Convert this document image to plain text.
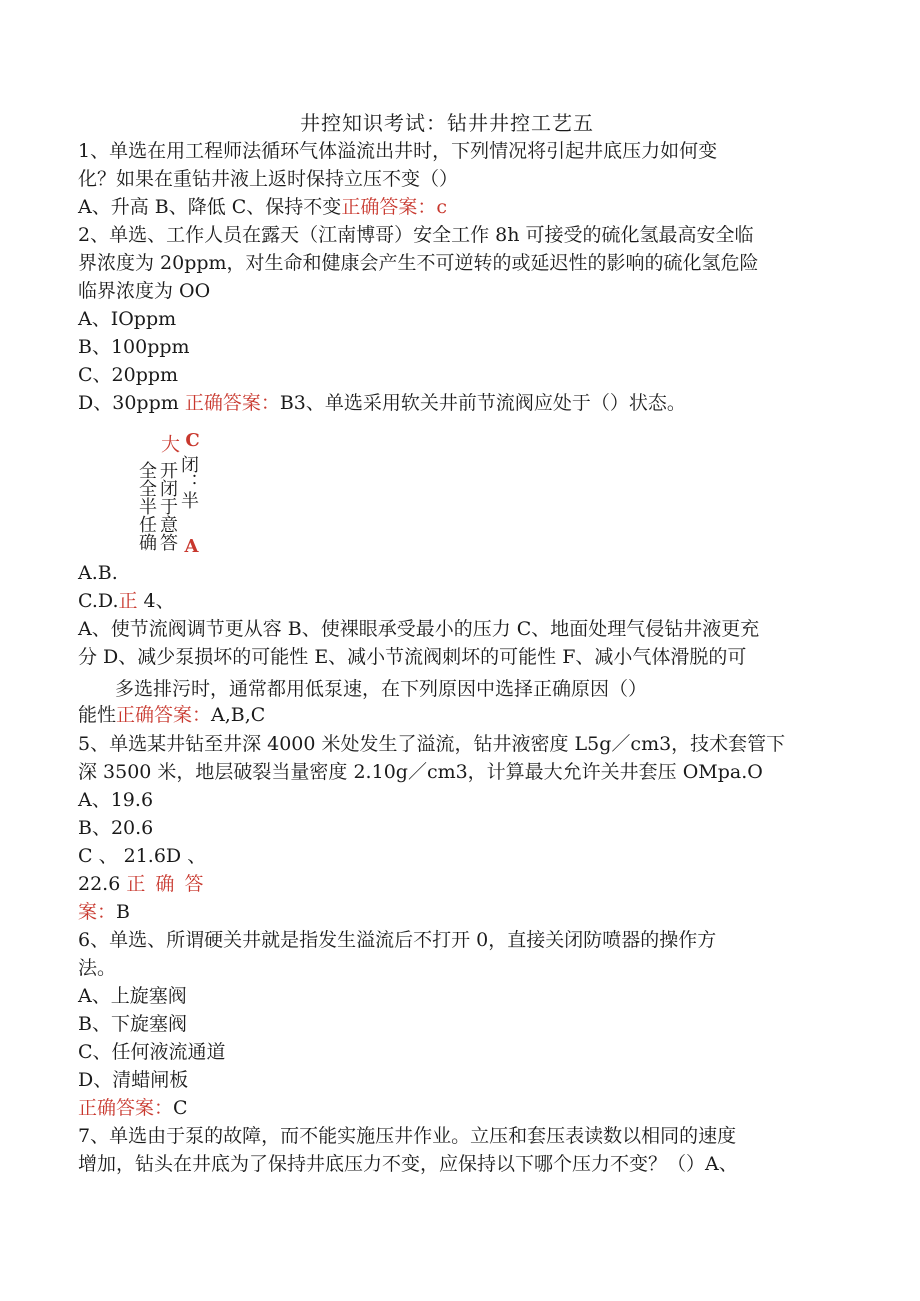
井控知识考试：钻井井控工艺五
1、单选在用工程师法循环气体溢流出井时，下列情况将引起井底压力如何变
化？如果在重钻井液上返时保持立压不变（）
A、升高 B、降低 C、保持不变正确答案：c
2、单选、工作人员在露天（江南博哥）安全工作 8h 可接受的硫化氢最高安全临
界浓度为 20ppm，对生命和健康会产生不可逆转的或延迟性的影响的硫化氢危险
临界浓度为 OO
A、IOppm
B、100ppm
C、20ppm
D、30ppm 正确答案：B3、单选采用软关井前节流阀应处于（）状态。
全全半任确 开闭于意答
大
闭：半
C
A
A.B.
C.D.正 4、
A、使节流阀调节更从容 B、使裸眼承受最小的压力 C、地面处理气侵钻井液更充
分 D、减少泵损坏的可能性 E、减小节流阀刺坏的可能性 F、减小气体滑脱的可
多选排污时，通常都用低泵速，在下列原因中选择正确原因（）
能性正确答案：A,B,C
5、单选某井钻至井深 4000 米处发生了溢流，钻井液密度 L5g／cm3，技术套管下
深 3500 米，地层破裂当量密度 2.10g／cm3，计算最大允许关井套压 OMpa.O
A、19.6
B、20.6
C 、 21.6D 、
22.6 正 确 答
案：B
6、单选、所谓硬关井就是指发生溢流后不打开 0，直接关闭防喷器的操作方
法。
A、上旋塞阀
B、下旋塞阀
C、任何液流通道
D、清蜡闸板
正确答案：C
7、单选由于泵的故障，而不能实施压井作业。立压和套压表读数以相同的速度
增加，钻头在井底为了保持井底压力不变，应保持以下哪个压力不变？（）A、
